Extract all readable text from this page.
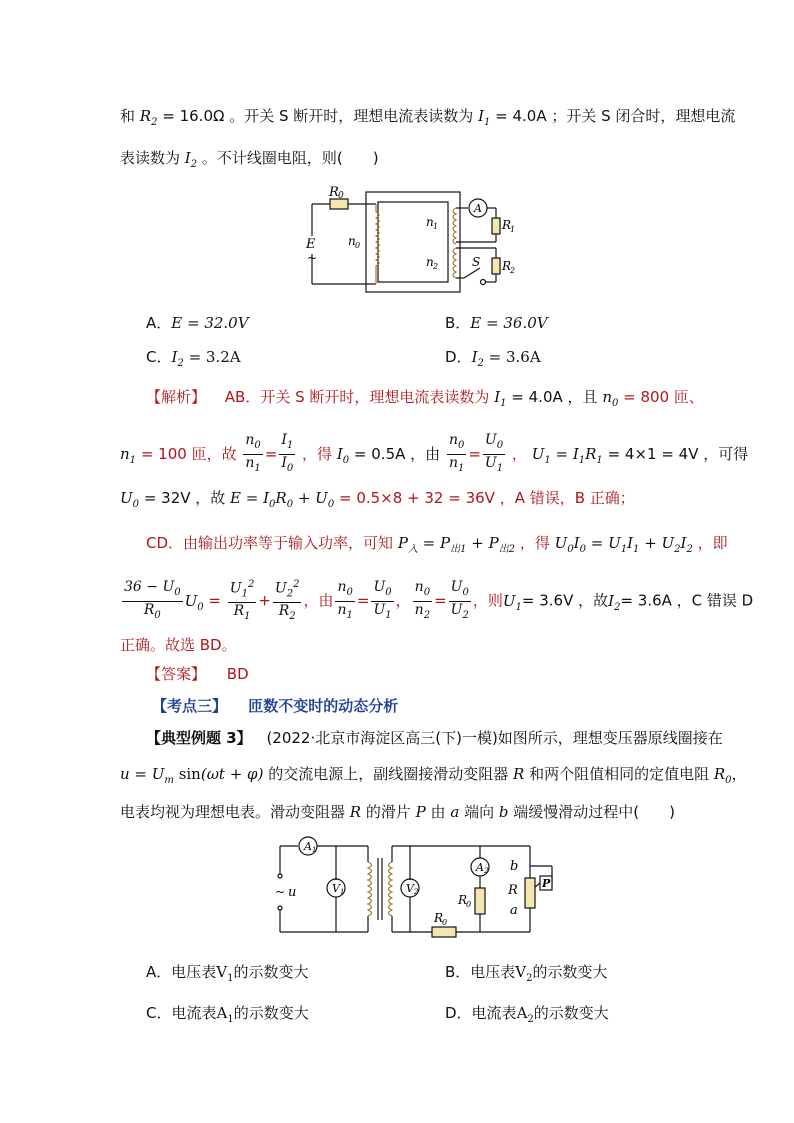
和 $R_2 = 16.0\Omega$ 。开关 S 断开时，理想电流表读数为 $I_1 = 4.0A$ ；开关 S 闭合时，理想电流
表读数为 $I_2$ 。不计线圈电阻，则(　　)
R 0
E
~
n 0
n 1
n 2
A
R
1
R
2
S
A．E = 32.0V	B．E = 36.0V
C．$I_2 = 3.2A$	D．$I_2 = 3.6A$
【解析】 AB．开关 S 断开时，理想电流表读数为 $I_1 = 4.0A$ ，且 $n_0 = 800$ 匝、
$n_1 = 100$ 匝，故 $\frac{n_0}{n_1} = \frac{I_1}{I_0}$ ，得 $I_0 = 0.5A$ ，由 $\frac{n_0}{n_1} = \frac{U_0}{U_1}$ ， $U_1 = I_1R_1 = 4\times 1 = 4V$ ，可得
$U_0 = 32V$ ，故 $E = I_0R_0 + U_0 = 0.5\times 8 + 32 = 36V$ ，A 错误，B 正确；
CD．由输出功率等于输入功率，可知 $P_入 = P_{出1} + P_{出2}$ ，得 $U_0I_0 = U_1I_1 + U_2I_2$ ，即
$\frac{36 - U_0}{R_0} U_0 = \frac{U_1^2}{R_1} + \frac{U_2^2}{R_2}$ ，由 $\frac{n_0}{n_1} = \frac{U_0}{U_1}$ ， $\frac{n_0}{n_2} = \frac{U_0}{U_2}$ ，则$U_1= 3.6V$ ，故$I_2= 3.6A$ ，C 错误 D
正确。故选 BD。
【答案】 BD
【考点三】 匝数不变时的动态分析
【典型例题 3】 (2022·北京市海淀区高三(下)一模)如图所示，理想变压器原线圈接在
$u = U_m$ sin(ωt + φ) 的交流电源上，副线圈接滑动变阻器 R 和两个阻值相同的定值电阻 $R_0$，
电表均视为理想电表。滑动变阻器 R 的滑片 P 由 a 端向 b 端缓慢滑动过程中(　　)
A 1
V 1	V 2
A 2
~ u
b
a
R P
R
0
R
0
A．电压表$V_1$的示数变大	B．电压表$V_2$的示数变大
C．电流表$A_1$的示数变大	D．电流表$A_2$的示数变大
